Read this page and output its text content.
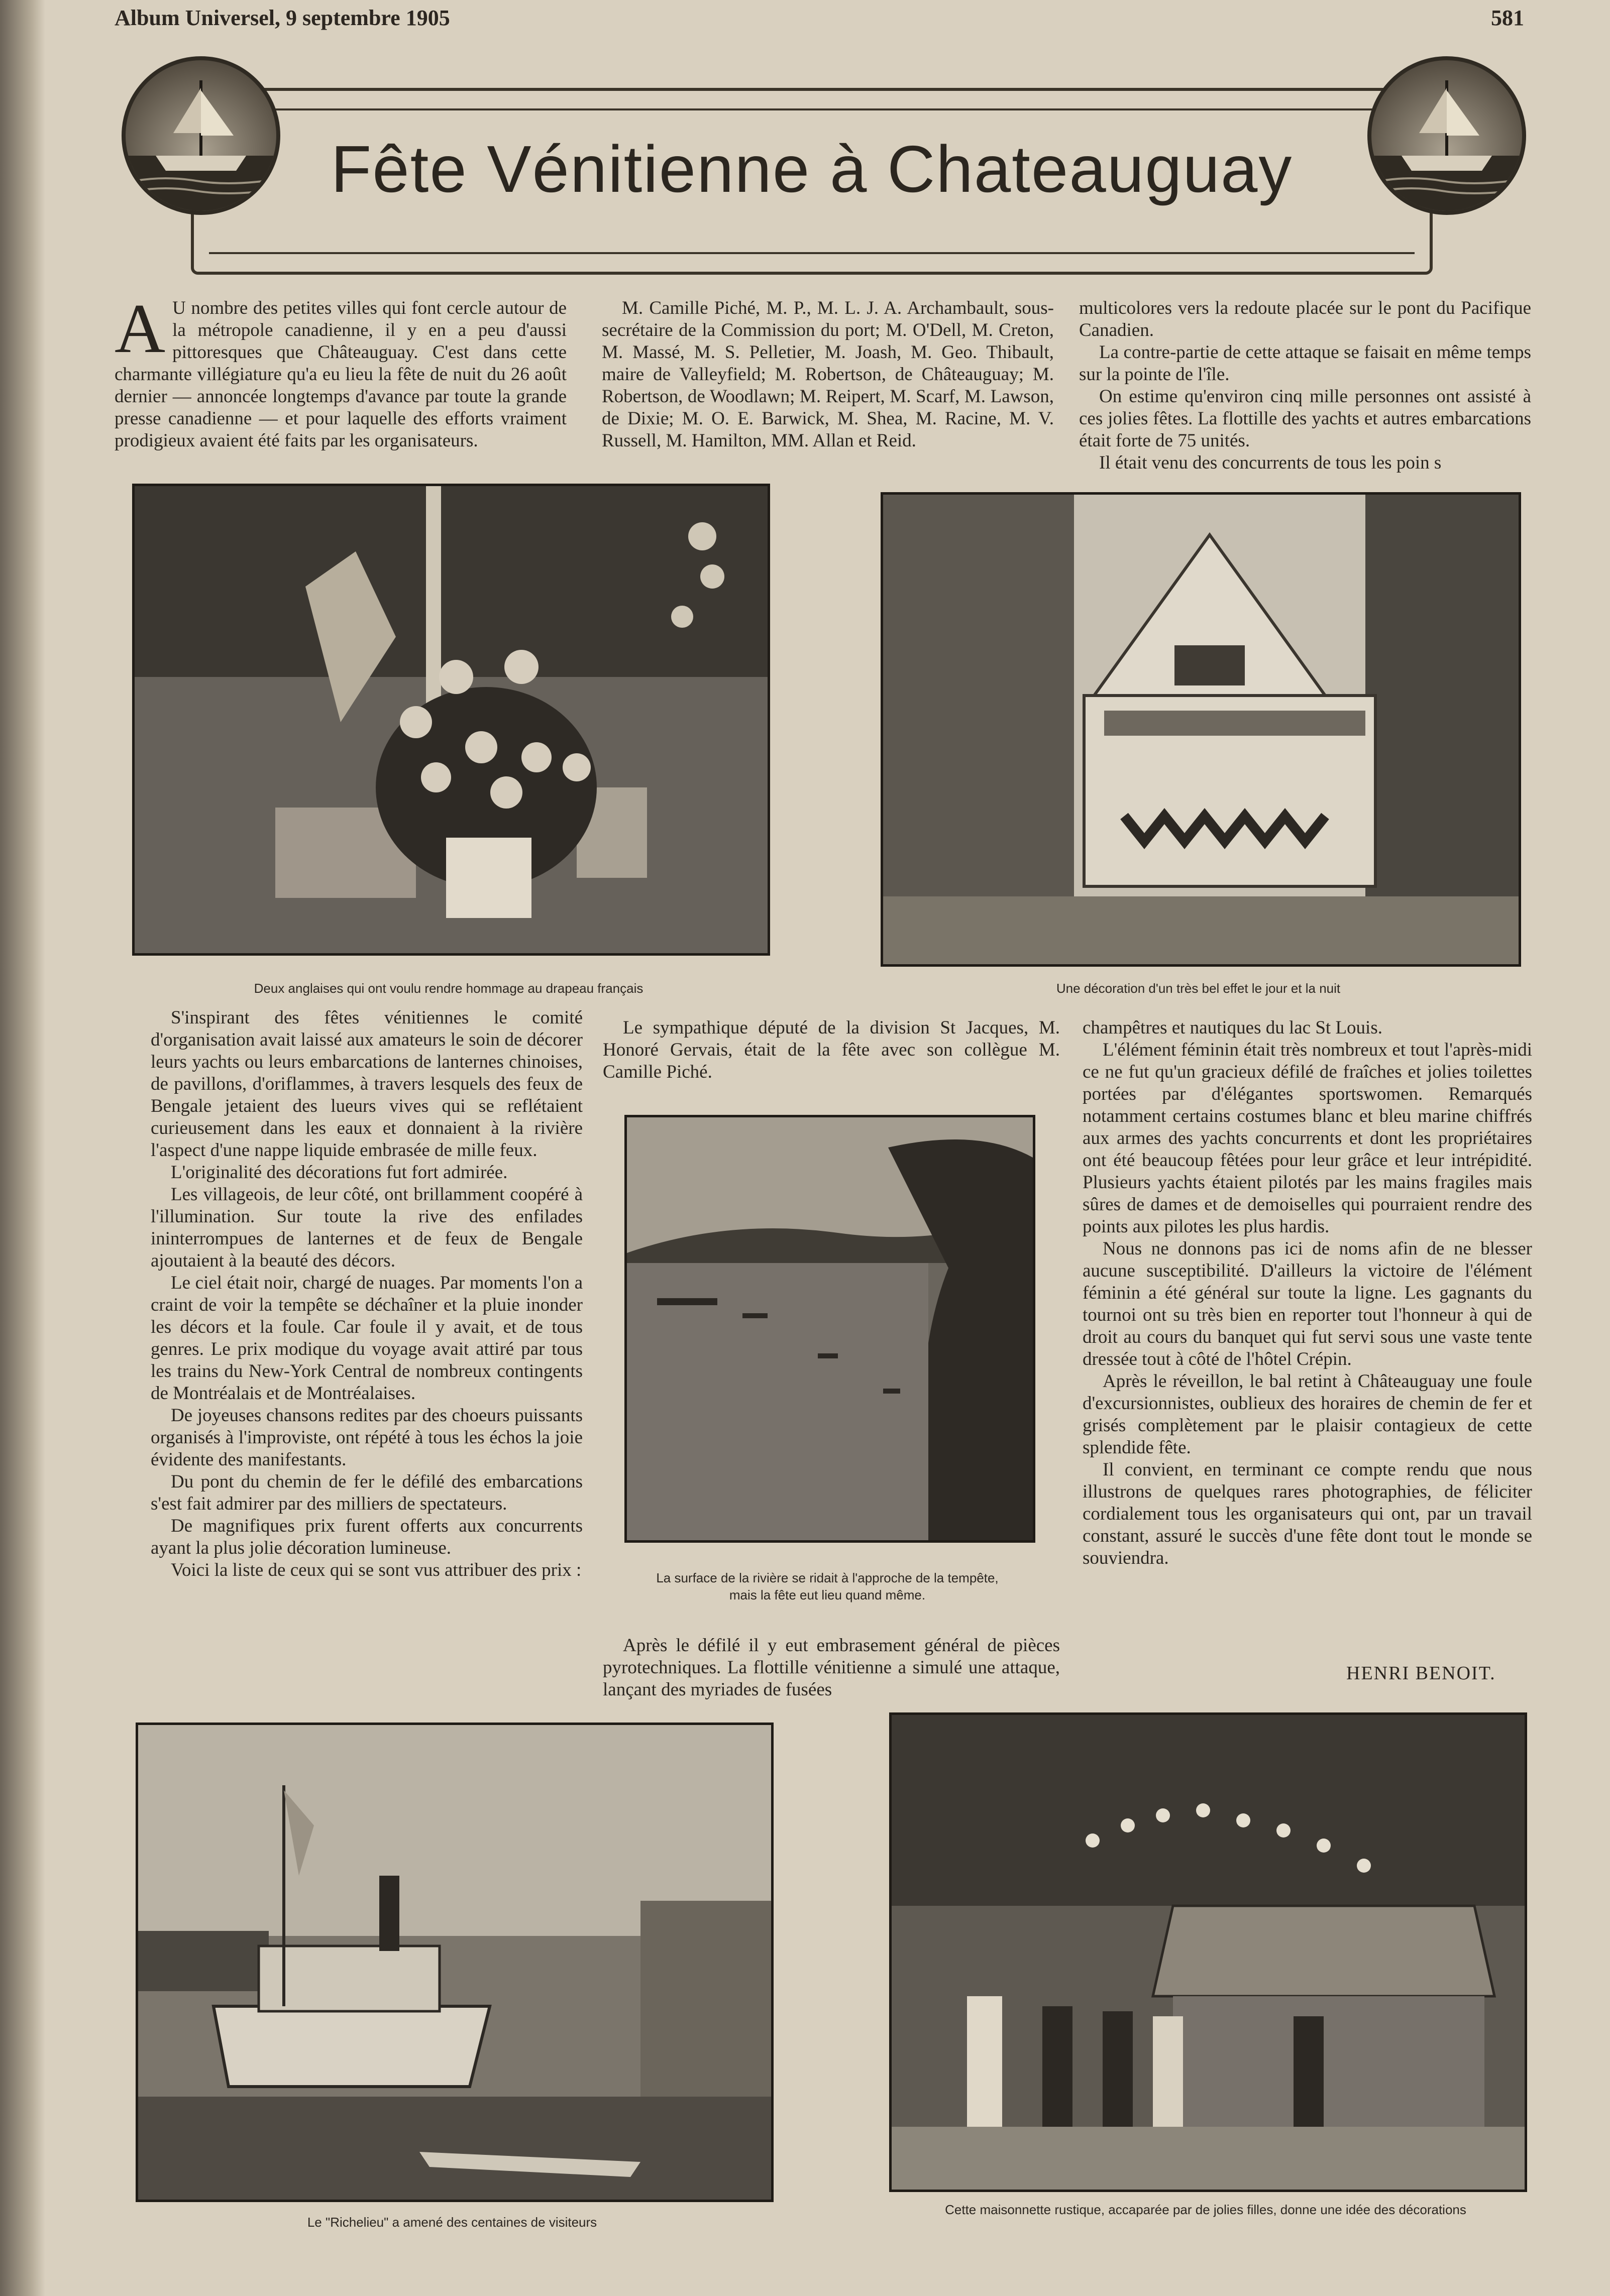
Album Universel, 9 septembre 1905	581
Fête Vénitienne à Chateauguay

A U nombre des petites villes qui font cercle autour de la métropole canadienne, il y en a peu d'aussi pittoresques que Châteauguay. C'est dans cette charmante villégiature qu'a eu lieu la fête de nuit du 26 août dernier — annoncée longtemps d'avance par toute la grande presse canadienne — et pour laquelle des efforts vraiment prodigieux avaient été faits par les organisateurs.

M. Camille Piché, M. P., M. L. J. A. Archambault, sous-secrétaire de la Commission du port; M. O'Dell, M. Creton, M. Massé, M. S. Pelletier, M. Joash, M. Geo. Thibault, maire de Valleyfield; M. Robertson, de Châteauguay; M. Robertson, de Woodlawn; M. Reipert, M. Scarf, M. Lawson, de Dixie; M. O. E. Barwick, M. Shea, M. Racine, M. V. Russell, M. Hamilton, MM. Allan et Reid.

multicolores vers la redoute placée sur le pont du Pacifique Canadien.

La contre-partie de cette attaque se faisait en même temps sur la pointe de l'île.

On estime qu'environ cinq mille personnes ont assisté à ces jolies fêtes. La flottille des yachts et autres embarcations était forte de 75 unités.

Il était venu des concurrents de tous les poin s

Deux anglaises qui ont voulu rendre hommage au drapeau français	Une décoration d'un très bel effet le jour et la nuit

S'inspirant des fêtes vénitiennes le comité d'organisation avait laissé aux amateurs le soin de décorer leurs yachts ou leurs embarcations de lanternes chinoises, de pavillons, d'oriflammes, à travers lesquels des feux de Bengale jetaient des lueurs vives qui se reflétaient curieusement dans les eaux et donnaient à la rivière l'aspect d'une nappe liquide embrasée de mille feux.

L'originalité des décorations fut fort admirée.

Les villageois, de leur côté, ont brillamment coopéré à l'illumination. Sur toute la rive des enfilades ininterrompues de lanternes et de feux de Bengale ajoutaient à la beauté des décors.

Le ciel était noir, chargé de nuages. Par moments l'on a craint de voir la tempête se déchaîner et la pluie inonder les décors et la foule. Car foule il y avait, et de tous genres. Le prix modique du voyage avait attiré par tous les trains du New-York Central de nombreux contingents de Montréalais et de Montréalaises.

De joyeuses chansons redites par des choeurs puissants organisés à l'improviste, ont répété à tous les échos la joie évidente des manifestants.

Du pont du chemin de fer le défilé des embarcations s'est fait admirer par des milliers de spectateurs.

De magnifiques prix furent offerts aux concurrents ayant la plus jolie décoration lumineuse.

Voici la liste de ceux qui se sont vus attribuer des prix :

Le sympathique député de la division St Jacques, M. Honoré Gervais, était de la fête avec son collègue M. Camille Piché.

La surface de la rivière se ridait à l'approche de la tempête,
mais la fête eut lieu quand même.

Après le défilé il y eut embrasement général de pièces pyrotechniques. La flottille vénitienne a simulé une attaque, lançant des myriades de fusées

champêtres et nautiques du lac St Louis.

L'élément féminin était très nombreux et tout l'après-midi ce ne fut qu'un gracieux défilé de fraîches et jolies toilettes portées par d'élégantes sportswomen. Remarqués notamment certains costumes blanc et bleu marine chiffrés aux armes des yachts concurrents et dont les propriétaires ont été beaucoup fêtées pour leur grâce et leur intrépidité. Plusieurs yachts étaient pilotés par les mains fragiles mais sûres de dames et de demoiselles qui pourraient rendre des points aux pilotes les plus hardis.

Nous ne donnons pas ici de noms afin de ne blesser aucune susceptibilité. D'ailleurs la victoire de l'élément féminin a été général sur toute la ligne. Les gagnants du tournoi ont su très bien en reporter tout l'honneur à qui de droit au cours du banquet qui fut servi sous une vaste tente dressée tout à côté de l'hôtel Crépin.

Après le réveillon, le bal retint à Châteauguay une foule d'excursionnistes, oublieux des horaires de chemin de fer et grisés complètement par le plaisir contagieux de cette splendide fête.

Il convient, en terminant ce compte rendu que nous illustrons de quelques rares photographies, de féliciter cordialement tous les organisateurs qui ont, par un travail constant, assuré le succès d'une fête dont tout le monde se souviendra.

HENRI BENOIT.
Le "Richelieu" a amené des centaines de visiteurs
Cette maisonnette rustique, accaparée par de jolies filles, donne une idée des décorations
